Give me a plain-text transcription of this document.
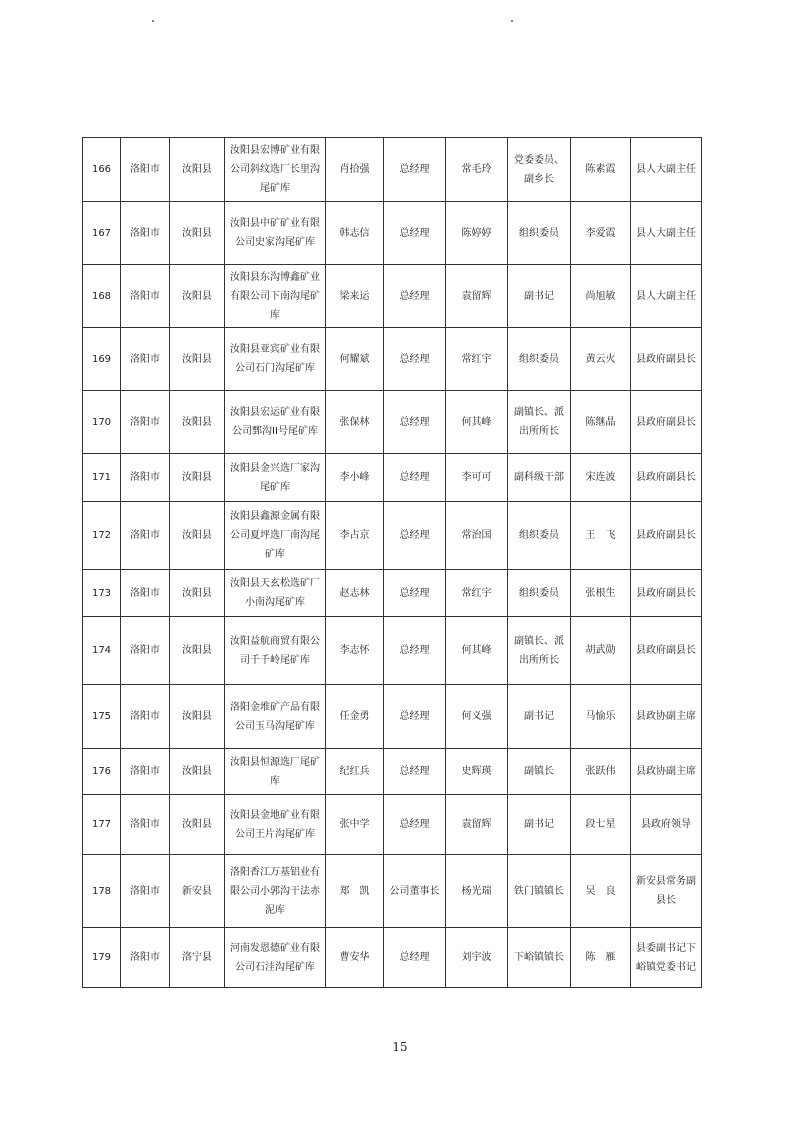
166	洛阳市	汝阳县	汝阳县宏博矿业有限公司斜纹选厂长里沟尾矿库	肖拾强	总经理	常毛玲	党委委员、副乡长	陈素霞	县人大副主任
167	洛阳市	汝阳县	汝阳县中矿矿业有限公司史家沟尾矿库	韩志信	总经理	陈婷婷	组织委员	李爱霞	县人大副主任
168	洛阳市	汝阳县	汝阳县东沟博鑫矿业有限公司下南沟尾矿库	梁来运	总经理	袁留辉	副书记	尚旭敏	县人大副主任
169	洛阳市	汝阳县	汝阳县亚宾矿业有限公司石门沟尾矿库	何耀斌	总经理	常红宇	组织委员	黄云火	县政府副县长
170	洛阳市	汝阳县	汝阳县宏运矿业有限公司鄄沟II号尾矿库	张保林	总经理	何其峰	副镇长、派出所所长	陈继晶	县政府副县长
171	洛阳市	汝阳县	汝阳县金兴选厂家沟尾矿库	李小峰	总经理	李可可	副科级干部	宋连波	县政府副县长
172	洛阳市	汝阳县	汝阳县鑫源金属有限公司夏坪选厂南沟尾矿库	李占京	总经理	常治国	组织委员	王　飞	县政府副县长
173	洛阳市	汝阳县	汝阳县天玄松选矿厂小南沟尾矿库	赵志林	总经理	常红宇	组织委员	张根生	县政府副县长
174	洛阳市	汝阳县	汝阳益航商贸有限公司千千岭尾矿库	李志怀	总经理	何其峰	副镇长、派出所所长	胡武勋	县政府副县长
175	洛阳市	汝阳县	洛阳金堆矿产品有限公司玉马沟尾矿库	任金勇	总经理	何义强	副书记	马愉乐	县政协副主席
176	洛阳市	汝阳县	汝阳县恒源选厂尾矿库	纪红兵	总经理	史辉瑛	副镇长	张跃伟	县政协副主席
177	洛阳市	汝阳县	汝阳县金地矿业有限公司王片沟尾矿库	张中学	总经理	袁留辉	副书记	段七星	县政府领导
178	洛阳市	新安县	洛阳香江万基铝业有限公司小郭沟干法赤泥库	郑　凯	公司董事长	杨光瑞	铁门镇镇长	吴　良	新安县常务副县长
179	洛阳市	洛宁县	河南发恩德矿业有限公司石洼沟尾矿库	曹安华	总经理	刘宇波	下峪镇镇长	陈　雁	县委副书记下峪镇党委书记
15
